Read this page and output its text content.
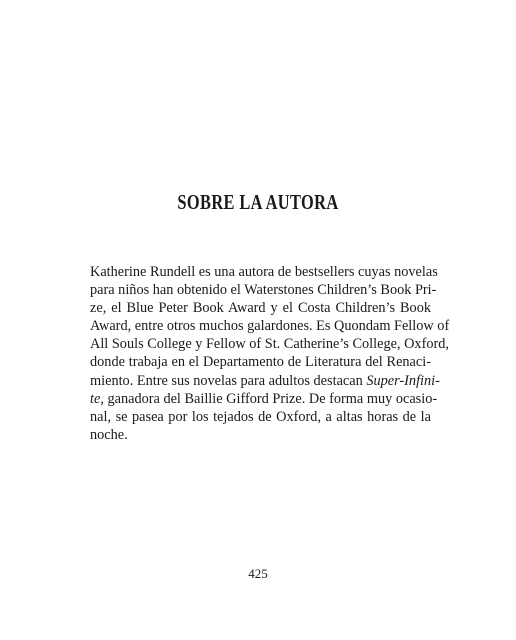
SOBRE LA AUTORA

Katherine Rundell es una autora de bestsellers cuyas novelas
para niños han obtenido el Waterstones Children’s Book Pri-
ze, el Blue Peter Book Award y el Costa Children’s Book
Award, entre otros muchos galardones. Es Quondam Fellow of
All Souls College y Fellow of St. Catherine’s College, Oxford,
donde trabaja en el Departamento de Literatura del Renaci-
miento. Entre sus novelas para adultos destacan Super-Infini-
te, ganadora del Baillie Gifford Prize. De forma muy ocasio-
nal, se pasea por los tejados de Oxford, a altas horas de la
noche.

425
